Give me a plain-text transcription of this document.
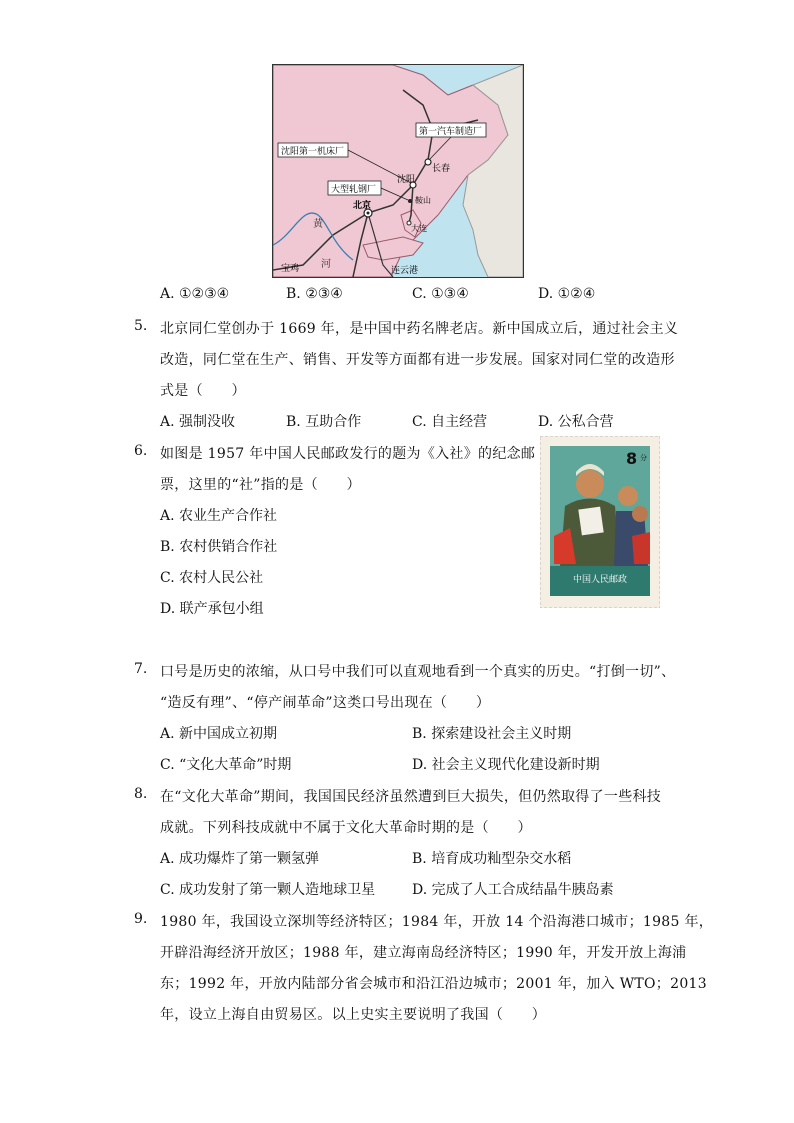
第一汽车制造厂
沈阳第一机床厂
大型轧钢厂
长春
沈阳
北京
鞍山
大连
黄
河
宝鸡	连云港
A. ①②③④	B. ②③④	C. ①③④	D. ①②④
5. 北京同仁堂创办于 1669 年，是中国中药名牌老店。新中国成立后，通过社会主义
改造，同仁堂在生产、销售、开发等方面都有进一步发展。国家对同仁堂的改造形
式是（　　）
A. 强制没收	B. 互助合作	C. 自主经营	D. 公私合营
6. 如图是 1957 年中国人民邮政发行的题为《入社》的纪念邮
票，这里的“社”指的是（　　）
A. 农业生产合作社
B. 农村供销合作社
C. 农村人民公社
D. 联产承包小组
8 分
中国人民邮政
7. 口号是历史的浓缩，从口号中我们可以直观地看到一个真实的历史。“打倒一切”、
“造反有理”、“停产闹革命”这类口号出现在（　　）
A. 新中国成立初期	B. 探索建设社会主义时期
C. “文化大革命”时期	D. 社会主义现代化建设新时期
8. 在“文化大革命”期间，我国国民经济虽然遭到巨大损失，但仍然取得了一些科技
成就。下列科技成就中不属于文化大革命时期的是（　　）
A. 成功爆炸了第一颗氢弹	B. 培育成功籼型杂交水稻
C. 成功发射了第一颗人造地球卫星	D. 完成了人工合成结晶牛胰岛素
9. 1980 年，我国设立深圳等经济特区；1984 年，开放 14 个沿海港口城市；1985 年，
开辟沿海经济开放区；1988 年，建立海南岛经济特区；1990 年，开发开放上海浦
东；1992 年，开放内陆部分省会城市和沿江沿边城市；2001 年，加入 WTO；2013
年，设立上海自由贸易区。以上史实主要说明了我国（　　）
